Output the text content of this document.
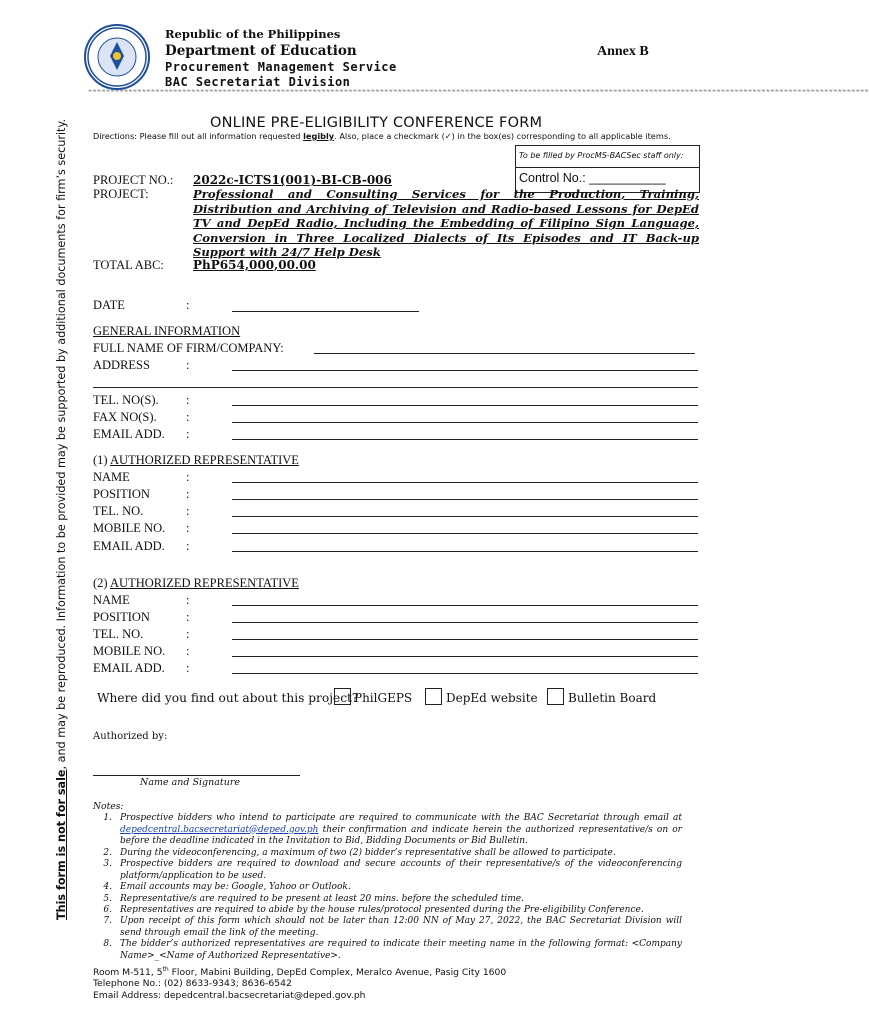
Republic of the Philippines
Department of Education
Procurement Management Service
BAC Secretariat Division
Annex B
≈≈≈≈≈≈≈≈≈≈≈≈≈≈≈≈≈≈≈≈≈≈≈≈≈≈≈≈≈≈≈≈≈≈≈≈≈≈≈≈≈≈≈≈≈≈≈≈≈≈≈≈≈≈≈≈≈≈≈≈≈≈≈≈≈≈≈≈≈≈≈≈≈≈≈≈≈≈≈≈≈≈≈≈≈≈≈≈≈≈≈≈≈≈≈≈≈≈≈≈≈≈≈≈≈≈≈≈≈≈≈≈≈≈≈≈≈≈≈≈≈≈≈≈≈≈≈≈≈≈≈≈≈≈≈≈≈≈≈≈≈≈≈≈≈≈≈≈≈≈≈≈≈≈≈≈≈≈≈≈≈≈≈≈≈≈≈≈≈≈≈≈≈≈
This form is not for sale, and may be reproduced. Information to be provided may be supported by additional documents for firm’s security.	ONLINE PRE-ELIGIBILITY CONFERENCE FORM
Directions: Please fill out all information requested legibly. Also, place a checkmark (✓) in the box(es) corresponding to all applicable items.
To be filled by ProcMS-BACSec staff only:
Control No.: ___________
PROJECT NO.: 2022c-ICTS1(001)-BI-CB-006
PROJECT:	Professional and Consulting Services for the Production, Training, Distribution and Archiving of Television and Radio-based Lessons for DepEd TV and DepEd Radio, Including the Embedding of Filipino Sign Language, Conversion in Three Localized Dialects of Its Episodes and IT Back-up Support with 24/7 Help Desk
TOTAL ABC: PhP654,000,00.00
DATE	:
GENERAL INFORMATION
FULL NAME OF FIRM/COMPANY:
ADDRESS	:
TEL. NO(S). :
FAX NO(S). :
EMAIL ADD. :
(1) AUTHORIZED REPRESENTATIVE
NAME	:
POSITION	:
TEL. NO.	:
MOBILE NO. :
EMAIL ADD. :
(2) AUTHORIZED REPRESENTATIVE
NAME	:
POSITION	:
TEL. NO.	:
MOBILE NO. :
EMAIL ADD. :
Where did you find out about this project?
PhilGEPS	DepEd website	Bulletin Board
Authorized by:
Name and Signature
Notes:
1. Prospective bidders who intend to participate are required to communicate with the BAC Secretariat through email at depedcentral.bacsecretariat@deped.gov.ph their confirmation and indicate herein the authorized representative/s on or before the deadline indicated in the Invitation to Bid, Bidding Documents or Bid Bulletin.
2. During the videoconferencing, a maximum of two (2) bidder’s representative shall be allowed to participate.
3. Prospective bidders are required to download and secure accounts of their representative/s of the videoconferencing platform/application to be used.
4. Email accounts may be: Google, Yahoo or Outlook.
5. Representative/s are required to be present at least 20 mins. before the scheduled time.
6. Representatives are required to abide by the house rules/protocol presented during the Pre-eligibility Conference.
7. Upon receipt of this form which should not be later than 12:00 NN of May 27, 2022, the BAC Secretariat Division will send through email the link of the meeting.
8. The bidder’s authorized representatives are required to indicate their meeting name in the following format: <Company Name>_<Name of Authorized Representative>.
Room M-511, 5th Floor, Mabini Building, DepEd Complex, Meralco Avenue, Pasig City 1600
Telephone No.: (02) 8633-9343; 8636-6542
Email Address: depedcentral.bacsecretariat@deped.gov.ph
